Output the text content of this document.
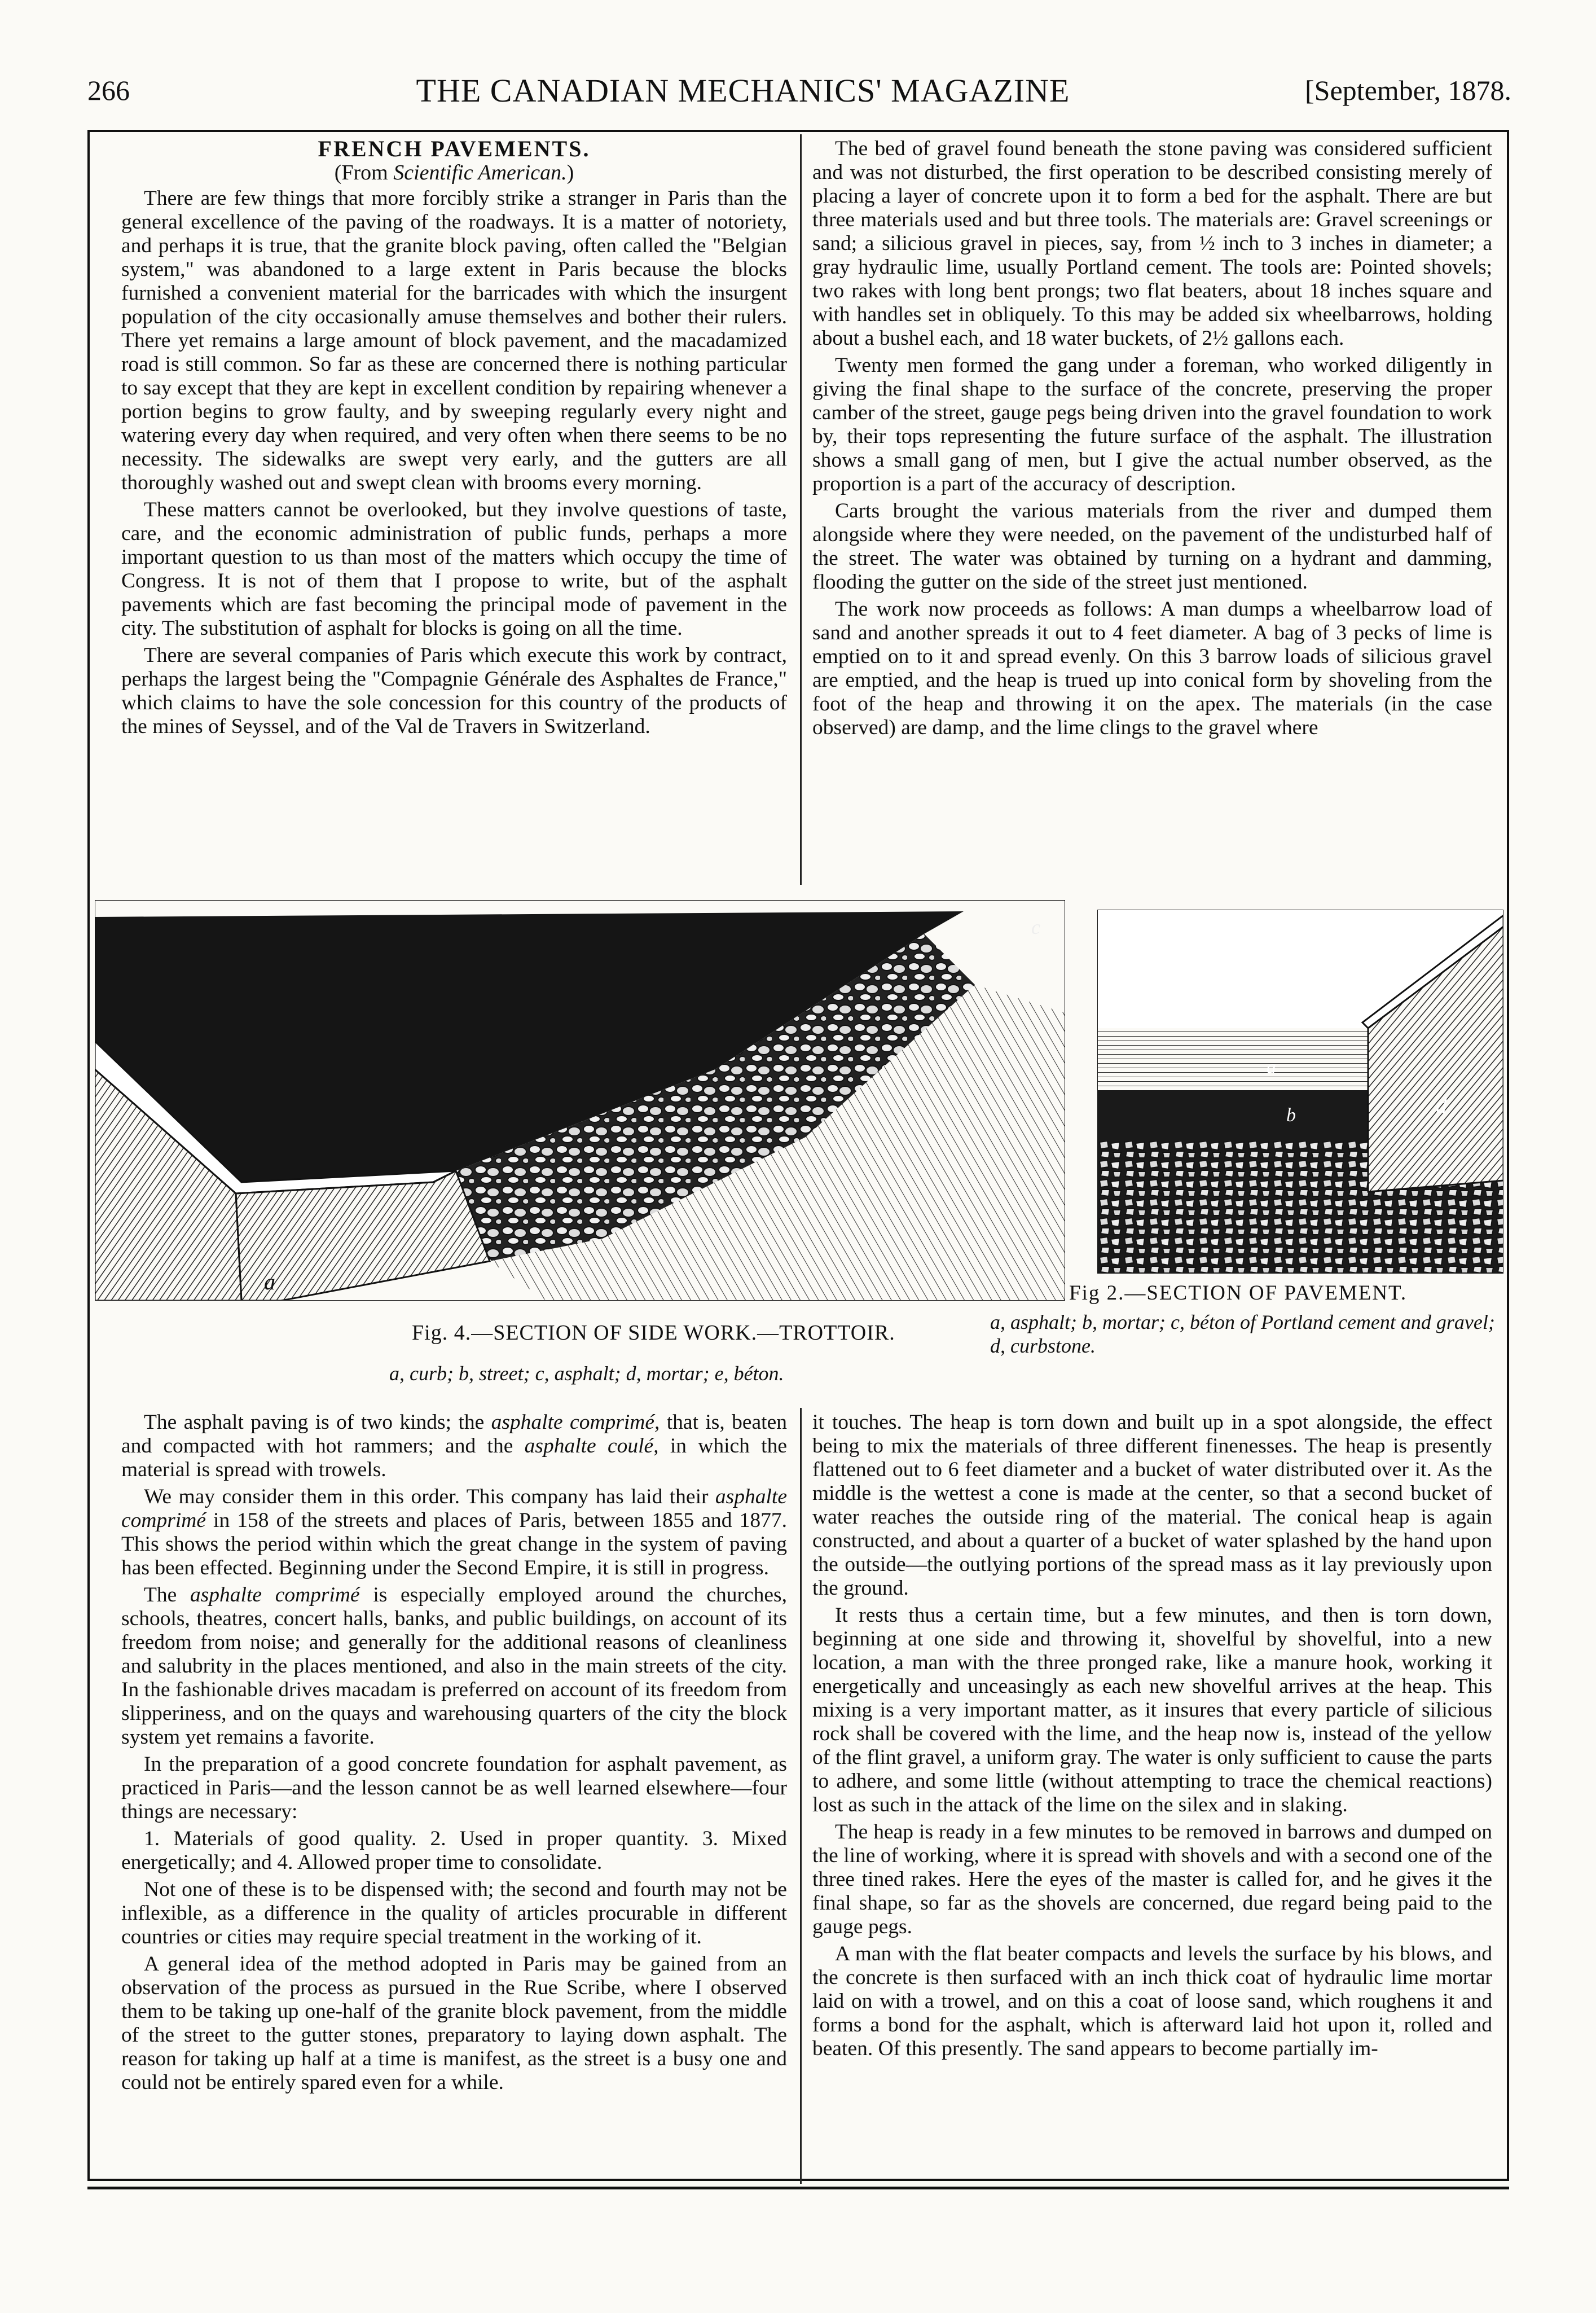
266	THE CANADIAN MECHANICS' MAGAZINE	[September, 1878.
FRENCH PAVEMENTS.
(From Scientific American.)

There are few things that more forcibly strike a stranger in Paris than the general excellence of the paving of the roadways. It is a matter of notoriety, and perhaps it is true, that the granite block paving, often called the "Belgian system," was abandoned to a large extent in Paris because the blocks furnished a convenient material for the barricades with which the insurgent population of the city occasionally amuse themselves and bother their rulers. There yet remains a large amount of block pavement, and the macadamized road is still common. So far as these are concerned there is nothing particular to say except that they are kept in excellent condition by repairing whenever a portion begins to grow faulty, and by sweeping regularly every night and watering every day when required, and very often when there seems to be no necessity. The sidewalks are swept very early, and the gutters are all thoroughly washed out and swept clean with brooms every morning.

These matters cannot be overlooked, but they involve questions of taste, care, and the economic administration of public funds, perhaps a more important question to us than most of the matters which occupy the time of Congress. It is not of them that I propose to write, but of the asphalt pavements which are fast becoming the principal mode of pavement in the city. The substitution of asphalt for blocks is going on all the time.

There are several companies of Paris which execute this work by contract, perhaps the largest being the "Compagnie Générale des Asphaltes de France," which claims to have the sole concession for this country of the products of the mines of Seyssel, and of the Val de Travers in Switzerland.

The bed of gravel found beneath the stone paving was considered sufficient and was not disturbed, the first operation to be described consisting merely of placing a layer of concrete upon it to form a bed for the asphalt. There are but three materials used and but three tools. The materials are: Gravel screenings or sand; a silicious gravel in pieces, say, from ½ inch to 3 inches in diameter; a gray hydraulic lime, usually Portland cement. The tools are: Pointed shovels; two rakes with long bent prongs; two flat beaters, about 18 inches square and with handles set in obliquely. To this may be added six wheelbarrows, holding about a bushel each, and 18 water buckets, of 2½ gallons each.

Twenty men formed the gang under a foreman, who worked diligently in giving the final shape to the surface of the concrete, preserving the proper camber of the street, gauge pegs being driven into the gravel foundation to work by, their tops representing the future surface of the asphalt. The illustration shows a small gang of men, but I give the actual number observed, as the proportion is a part of the accuracy of description.

Carts brought the various materials from the river and dumped them alongside where they were needed, on the pavement of the undisturbed half of the street. The water was obtained by turning on a hydrant and damming, flooding the gutter on the side of the street just mentioned.

The work now proceeds as follows: A man dumps a wheelbarrow load of sand and another spreads it out to 4 feet diameter. A bag of 3 pecks of lime is emptied on to it and spread evenly. On this 3 barrow loads of silicious gravel are emptied, and the heap is trued up into conical form by shoveling from the foot of the heap and throwing it on the apex. The materials (in the case observed) are damp, and the lime clings to the gravel where

a
c
a
b	d
Fig. 4.—SECTION OF SIDE WORK.—TROTTOIR.
a, curb; b, street; c, asphalt; d, mortar; e, béton.
Fig 2.—SECTION OF PAVEMENT.
a, asphalt; b, mortar; c, béton of Portland cement and gravel; d, curbstone.

The asphalt paving is of two kinds; the asphalte comprimé, that is, beaten and compacted with hot rammers; and the asphalte coulé, in which the material is spread with trowels.

We may consider them in this order. This company has laid their asphalte comprimé in 158 of the streets and places of Paris, between 1855 and 1877. This shows the period within which the great change in the system of paving has been effected. Beginning under the Second Empire, it is still in progress.

The asphalte comprimé is especially employed around the churches, schools, theatres, concert halls, banks, and public buildings, on account of its freedom from noise; and generally for the additional reasons of cleanliness and salubrity in the places mentioned, and also in the main streets of the city. In the fashionable drives macadam is preferred on account of its freedom from slipperiness, and on the quays and warehousing quarters of the city the block system yet remains a favorite.

In the preparation of a good concrete foundation for asphalt pavement, as practiced in Paris—and the lesson cannot be as well learned elsewhere—four things are necessary:

1. Materials of good quality. 2. Used in proper quantity. 3. Mixed energetically; and 4. Allowed proper time to consolidate.

Not one of these is to be dispensed with; the second and fourth may not be inflexible, as a difference in the quality of articles procurable in different countries or cities may require special treatment in the working of it.

A general idea of the method adopted in Paris may be gained from an observation of the process as pursued in the Rue Scribe, where I observed them to be taking up one-half of the granite block pavement, from the middle of the street to the gutter stones, preparatory to laying down asphalt. The reason for taking up half at a time is manifest, as the street is a busy one and could not be entirely spared even for a while.

it touches. The heap is torn down and built up in a spot alongside, the effect being to mix the materials of three different finenesses. The heap is presently flattened out to 6 feet diameter and a bucket of water distributed over it. As the middle is the wettest a cone is made at the center, so that a second bucket of water reaches the outside ring of the material. The conical heap is again constructed, and about a quarter of a bucket of water splashed by the hand upon the outside—the outlying portions of the spread mass as it lay previously upon the ground.

It rests thus a certain time, but a few minutes, and then is torn down, beginning at one side and throwing it, shovelful by shovelful, into a new location, a man with the three pronged rake, like a manure hook, working it energetically and unceasingly as each new shovelful arrives at the heap. This mixing is a very important matter, as it insures that every particle of silicious rock shall be covered with the lime, and the heap now is, instead of the yellow of the flint gravel, a uniform gray. The water is only sufficient to cause the parts to adhere, and some little (without attempting to trace the chemical reactions) lost as such in the attack of the lime on the silex and in slaking.

The heap is ready in a few minutes to be removed in barrows and dumped on the line of working, where it is spread with shovels and with a second one of the three tined rakes. Here the eyes of the master is called for, and he gives it the final shape, so far as the shovels are concerned, due regard being paid to the gauge pegs.

A man with the flat beater compacts and levels the surface by his blows, and the concrete is then surfaced with an inch thick coat of hydraulic lime mortar laid on with a trowel, and on this a coat of loose sand, which roughens it and forms a bond for the asphalt, which is afterward laid hot upon it, rolled and beaten. Of this presently. The sand appears to become partially im-
